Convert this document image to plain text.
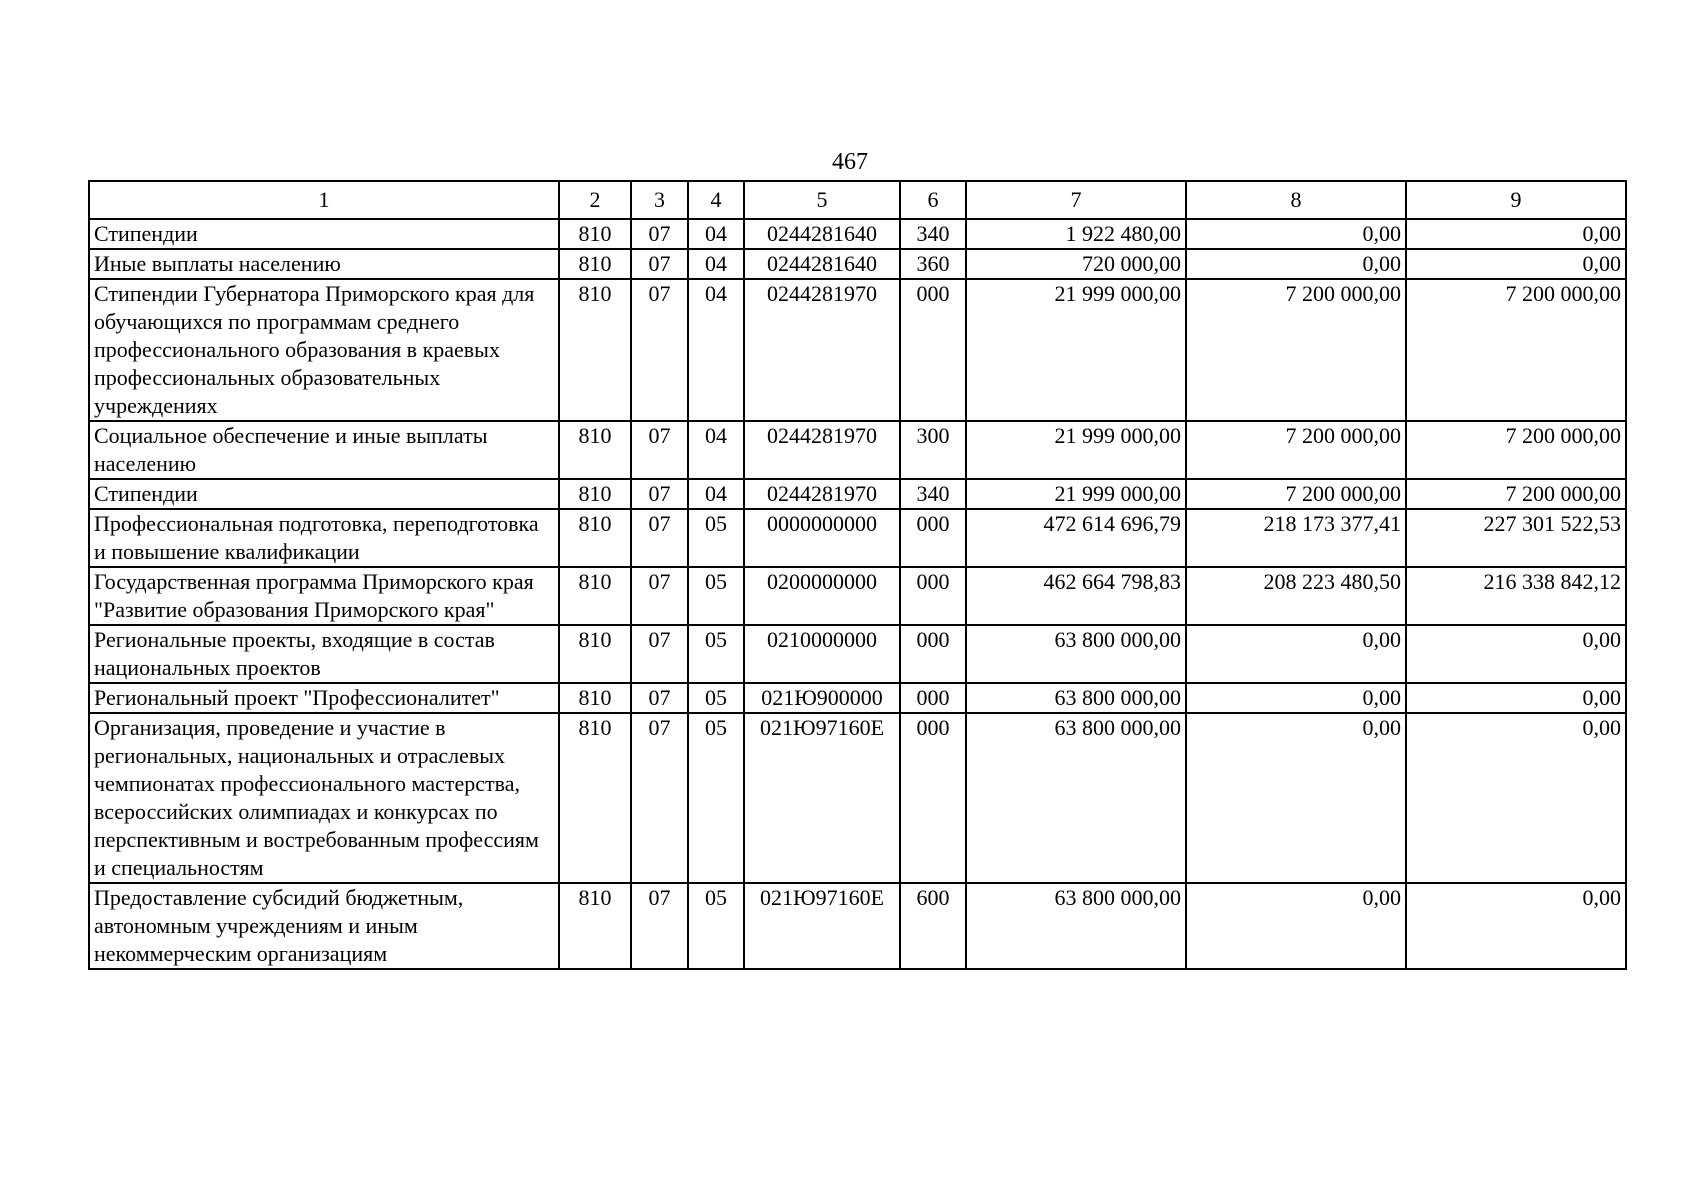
467
1	2	3	4	5	6	7	8	9
Стипендии	810	07	04	0244281640	340	1 922 480,00	0,00	0,00
Иные выплаты населению	810	07	04	0244281640	360	720 000,00	0,00	0,00
Стипендии Губернатора Приморского края для обучающихся по программам среднего профессионального образования в краевых профессиональных образовательных учреждениях	810	07	04	0244281970	000	21 999 000,00	7 200 000,00	7 200 000,00
Социальное обеспечение и иные выплаты населению	810	07	04	0244281970	300	21 999 000,00	7 200 000,00	7 200 000,00
Стипендии	810	07	04	0244281970	340	21 999 000,00	7 200 000,00	7 200 000,00
Профессиональная подготовка, переподготовка и повышение квалификации	810	07	05	0000000000	000	472 614 696,79	218 173 377,41	227 301 522,53
Государственная программа Приморского края "Развитие образования Приморского края"	810	07	05	0200000000	000	462 664 798,83	208 223 480,50	216 338 842,12
Региональные проекты, входящие в состав национальных проектов	810	07	05	0210000000	000	63 800 000,00	0,00	0,00
Региональный проект "Профессионалитет"	810	07	05	021Ю900000	000	63 800 000,00	0,00	0,00
Организация, проведение и участие в региональных, национальных и отраслевых чемпионатах профессионального мастерства, всероссийских олимпиадах и конкурсах по перспективным и востребованным профессиям и специальностям	810	07	05	021Ю97160Е	000	63 800 000,00	0,00	0,00
Предоставление субсидий бюджетным, автономным учреждениям и иным некоммерческим организациям	810	07	05	021Ю97160Е	600	63 800 000,00	0,00	0,00
